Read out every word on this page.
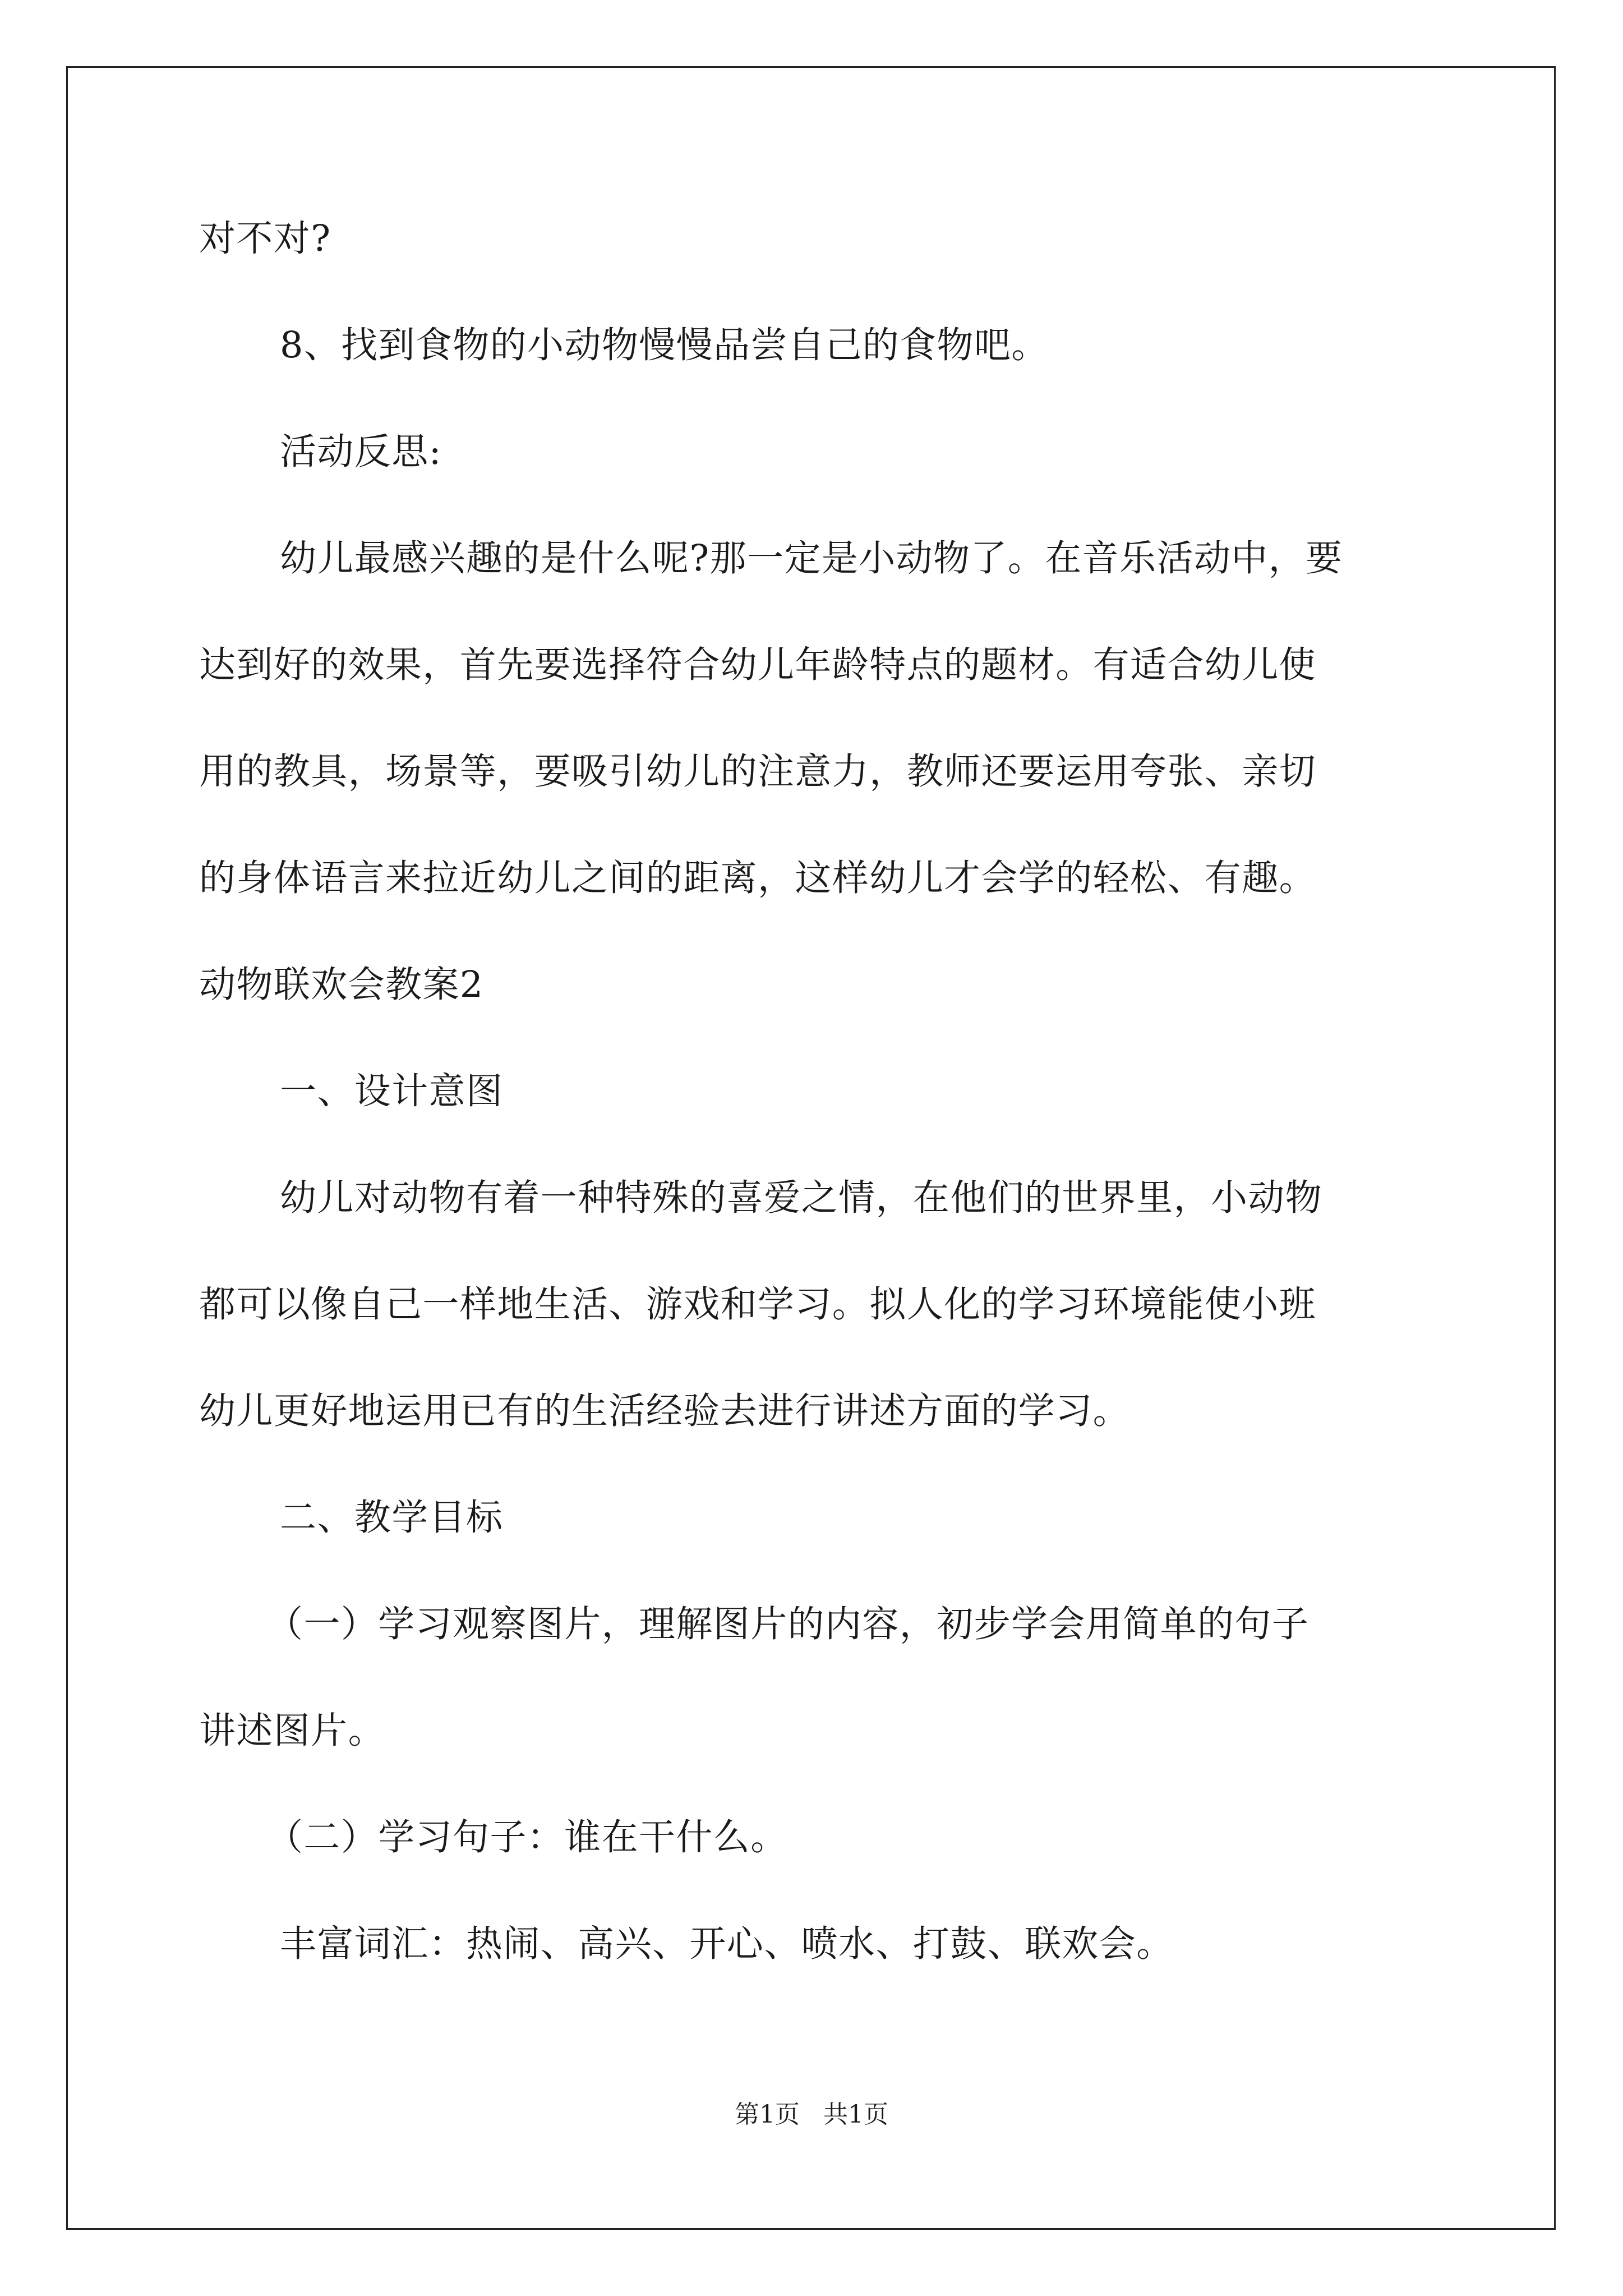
对不对?
8、找到食物的小动物慢慢品尝自己的食物吧。
活动反思:
幼儿最感兴趣的是什么呢?那一定是小动物了。在音乐活动中，要
达到好的效果，首先要选择符合幼儿年龄特点的题材。有适合幼儿使
用的教具，场景等，要吸引幼儿的注意力，教师还要运用夸张、亲切
的身体语言来拉近幼儿之间的距离，这样幼儿才会学的轻松、有趣。
动物联欢会教案2
一、设计意图
幼儿对动物有着一种特殊的喜爱之情，在他们的世界里，小动物
都可以像自己一样地生活、游戏和学习。拟人化的学习环境能使小班
幼儿更好地运用已有的生活经验去进行讲述方面的学习。
二、教学目标
（一）学习观察图片，理解图片的内容，初步学会用简单的句子
讲述图片。
（二）学习句子：谁在干什么。
丰富词汇：热闹、高兴、开心、喷水、打鼓、联欢会。
第1页   共1页
